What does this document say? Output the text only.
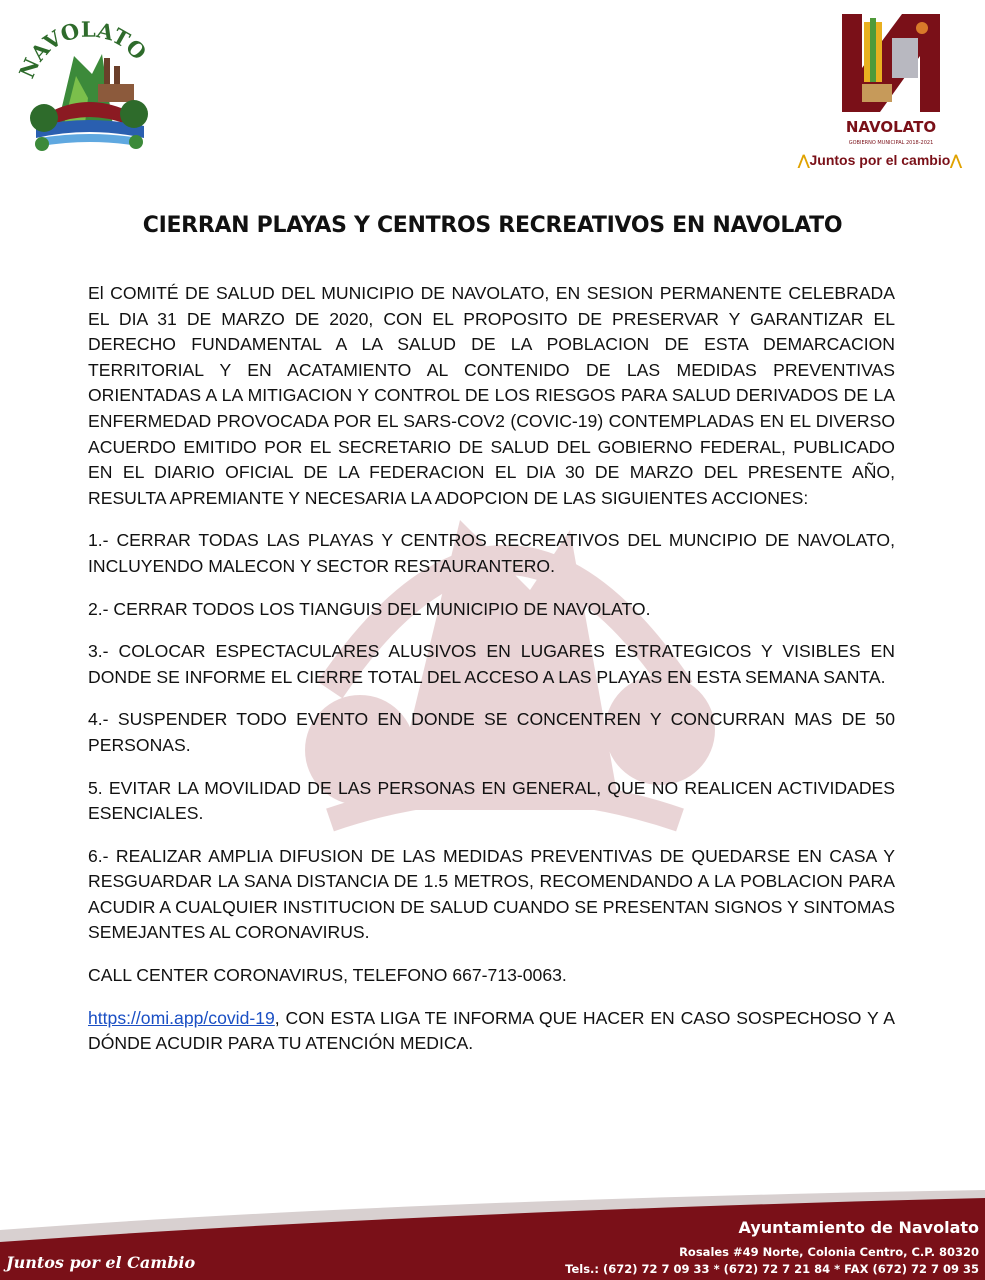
NAVOLATO
NAVOLATO
GOBIERNO MUNICIPAL 2018-2021
⋀Juntos por el cambio⋀
CIERRAN PLAYAS Y CENTROS RECREATIVOS EN NAVOLATO

El COMITÉ DE SALUD DEL MUNICIPIO DE NAVOLATO, EN SESION PERMANENTE CELEBRADA EL DIA 31 DE MARZO DE 2020, CON EL PROPOSITO DE PRESERVAR Y GARANTIZAR EL DERECHO FUNDAMENTAL A LA SALUD DE LA POBLACION DE ESTA DEMARCACION TERRITORIAL Y EN ACATAMIENTO AL CONTENIDO DE LAS MEDIDAS PREVENTIVAS ORIENTADAS A LA MITIGACION Y CONTROL DE LOS RIESGOS PARA SALUD DERIVADOS DE LA ENFERMEDAD PROVOCADA POR EL SARS-COV2 (COVIC-19) CONTEMPLADAS EN EL DIVERSO ACUERDO EMITIDO POR EL SECRETARIO DE SALUD DEL GOBIERNO FEDERAL, PUBLICADO EN EL DIARIO OFICIAL DE LA FEDERACION EL DIA 30 DE MARZO DEL PRESENTE AÑO, RESULTA APREMIANTE Y NECESARIA LA ADOPCION DE LAS SIGUIENTES ACCIONES:

1.- CERRAR TODAS LAS PLAYAS Y CENTROS RECREATIVOS DEL MUNCIPIO DE NAVOLATO, INCLUYENDO MALECON Y SECTOR RESTAURANTERO.

2.- CERRAR TODOS LOS TIANGUIS DEL MUNICIPIO DE NAVOLATO.

3.- COLOCAR ESPECTACULARES ALUSIVOS EN LUGARES ESTRATEGICOS Y VISIBLES EN DONDE SE INFORME EL CIERRE TOTAL DEL ACCESO A LAS PLAYAS EN ESTA SEMANA SANTA.

4.- SUSPENDER TODO EVENTO EN DONDE SE CONCENTREN Y CONCURRAN MAS DE 50 PERSONAS.

5. EVITAR LA MOVILIDAD DE LAS PERSONAS EN GENERAL, QUE NO REALICEN ACTIVIDADES ESENCIALES.

6.- REALIZAR AMPLIA DIFUSION DE LAS MEDIDAS PREVENTIVAS DE QUEDARSE EN CASA Y RESGUARDAR LA SANA DISTANCIA DE 1.5 METROS, RECOMENDANDO A LA POBLACION PARA ACUDIR A CUALQUIER INSTITUCION DE SALUD CUANDO SE PRESENTAN SIGNOS Y SINTOMAS SEMEJANTES AL CORONAVIRUS.

CALL CENTER CORONAVIRUS, TELEFONO 667-713-0063.

https://omi.app/covid-19, CON ESTA LIGA TE INFORMA QUE HACER EN CASO SOSPECHOSO Y A DÓNDE ACUDIR PARA TU ATENCIÓN MEDICA.

Juntos por el Cambio
Ayuntamiento de Navolato
Rosales #49 Norte, Colonia Centro, C.P. 80320
Tels.: (672) 72 7 09 33 * (672) 72 7 21 84 * FAX (672) 72 7 09 35
